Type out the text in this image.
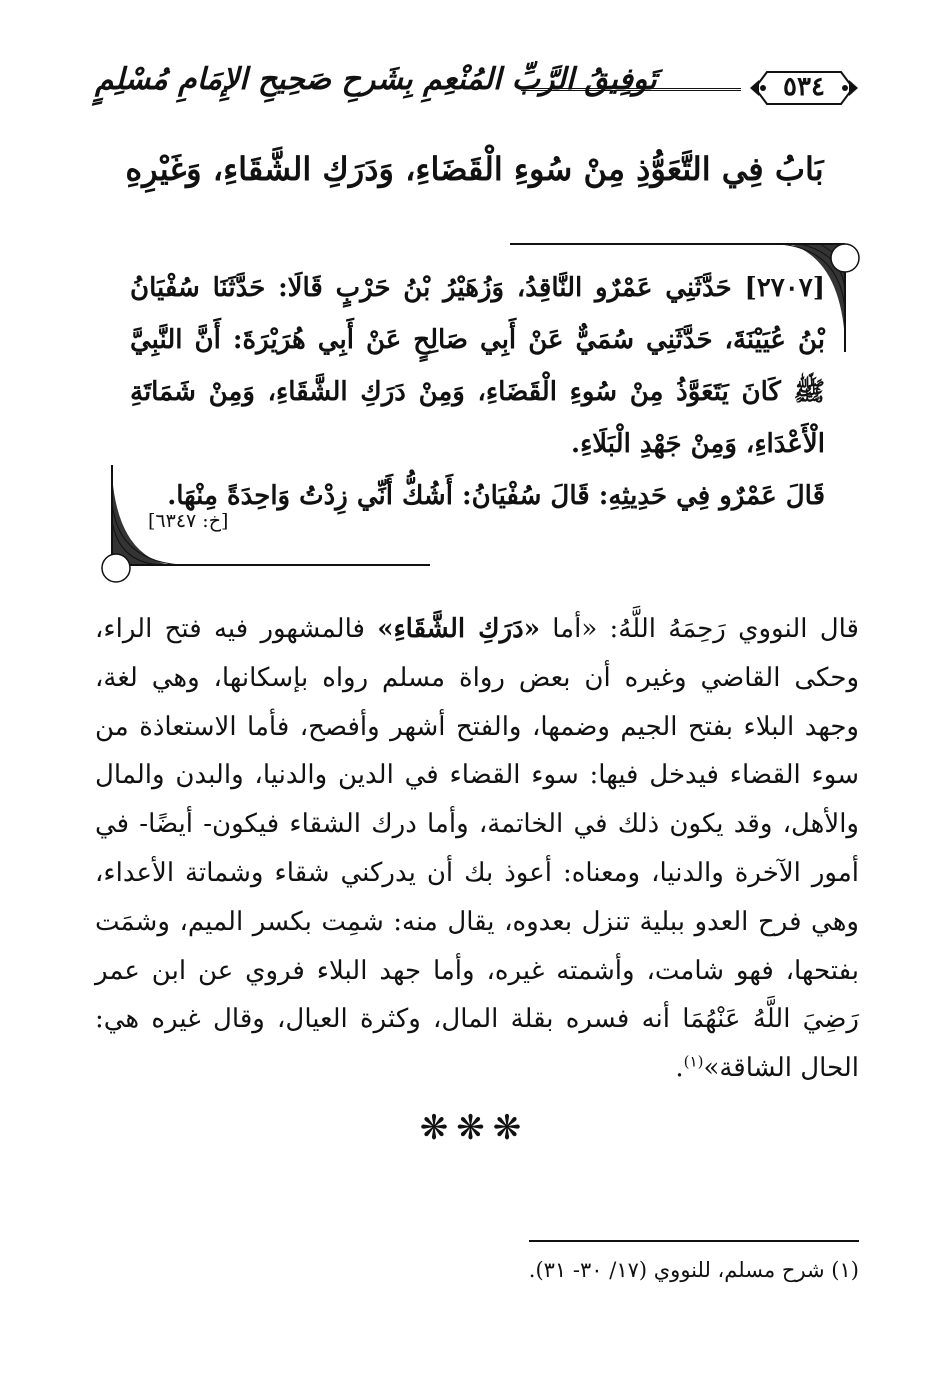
٥٣٤
تَوفِيقُ الرَّبِّ المُنْعِمِ بِشَرحِ صَحِيحِ الإِمَامِ مُسْلِمٍ
بَابُ فِي التَّعَوُّذِ مِنْ سُوءِ الْقَضَاءِ، وَدَرَكِ الشَّقَاءِ، وَغَيْرِهِ
[٢٧٠٧] حَدَّثَنِي عَمْرٌو النَّاقِدُ، وَزُهَيْرُ بْنُ حَرْبٍ قَالَا: حَدَّثَنَا سُفْيَانُ بْنُ عُيَيْنَةَ، حَدَّثَنِي سُمَيٌّ عَنْ أَبِي صَالِحٍ عَنْ أَبِي هُرَيْرَةَ: أَنَّ النَّبِيَّ ﷺ كَانَ يَتَعَوَّذُ مِنْ سُوءِ الْقَضَاءِ، وَمِنْ دَرَكِ الشَّقَاءِ، وَمِنْ شَمَاتَةِ الْأَعْدَاءِ، وَمِنْ جَهْدِ الْبَلَاءِ.
قَالَ عَمْرٌو فِي حَدِيثِهِ: قَالَ سُفْيَانُ: أَشُكُّ أَنِّي زِدْتُ وَاحِدَةً مِنْهَا.
[خ: ٦٣٤٧]
قال النووي رَحِمَهُ اللَّهُ: «أما «دَرَكِ الشَّقَاءِ» فالمشهور فيه فتح الراء، وحكى القاضي وغيره أن بعض رواة مسلم رواه بإسكانها، وهي لغة، وجهد البلاء بفتح الجيم وضمها، والفتح أشهر وأفصح، فأما الاستعاذة من سوء القضاء فيدخل فيها: سوء القضاء في الدين والدنيا، والبدن والمال والأهل، وقد يكون ذلك في الخاتمة، وأما درك الشقاء فيكون- أيضًا- في أمور الآخرة والدنيا، ومعناه: أعوذ بك أن يدركني شقاء وشماتة الأعداء، وهي فرح العدو ببلية تنزل بعدوه، يقال منه: شمِت بكسر الميم، وشمَت بفتحها، فهو شامت، وأشمته غيره، وأما جهد البلاء فروي عن ابن عمر رَضِيَ اللَّهُ عَنْهُمَا أنه فسره بقلة المال، وكثرة العيال، وقال غيره هي: الحال الشاقة»$^{(١)}$.
❋❋❋
(١) شرح مسلم، للنووي (١٧/ ٣٠- ٣١).
